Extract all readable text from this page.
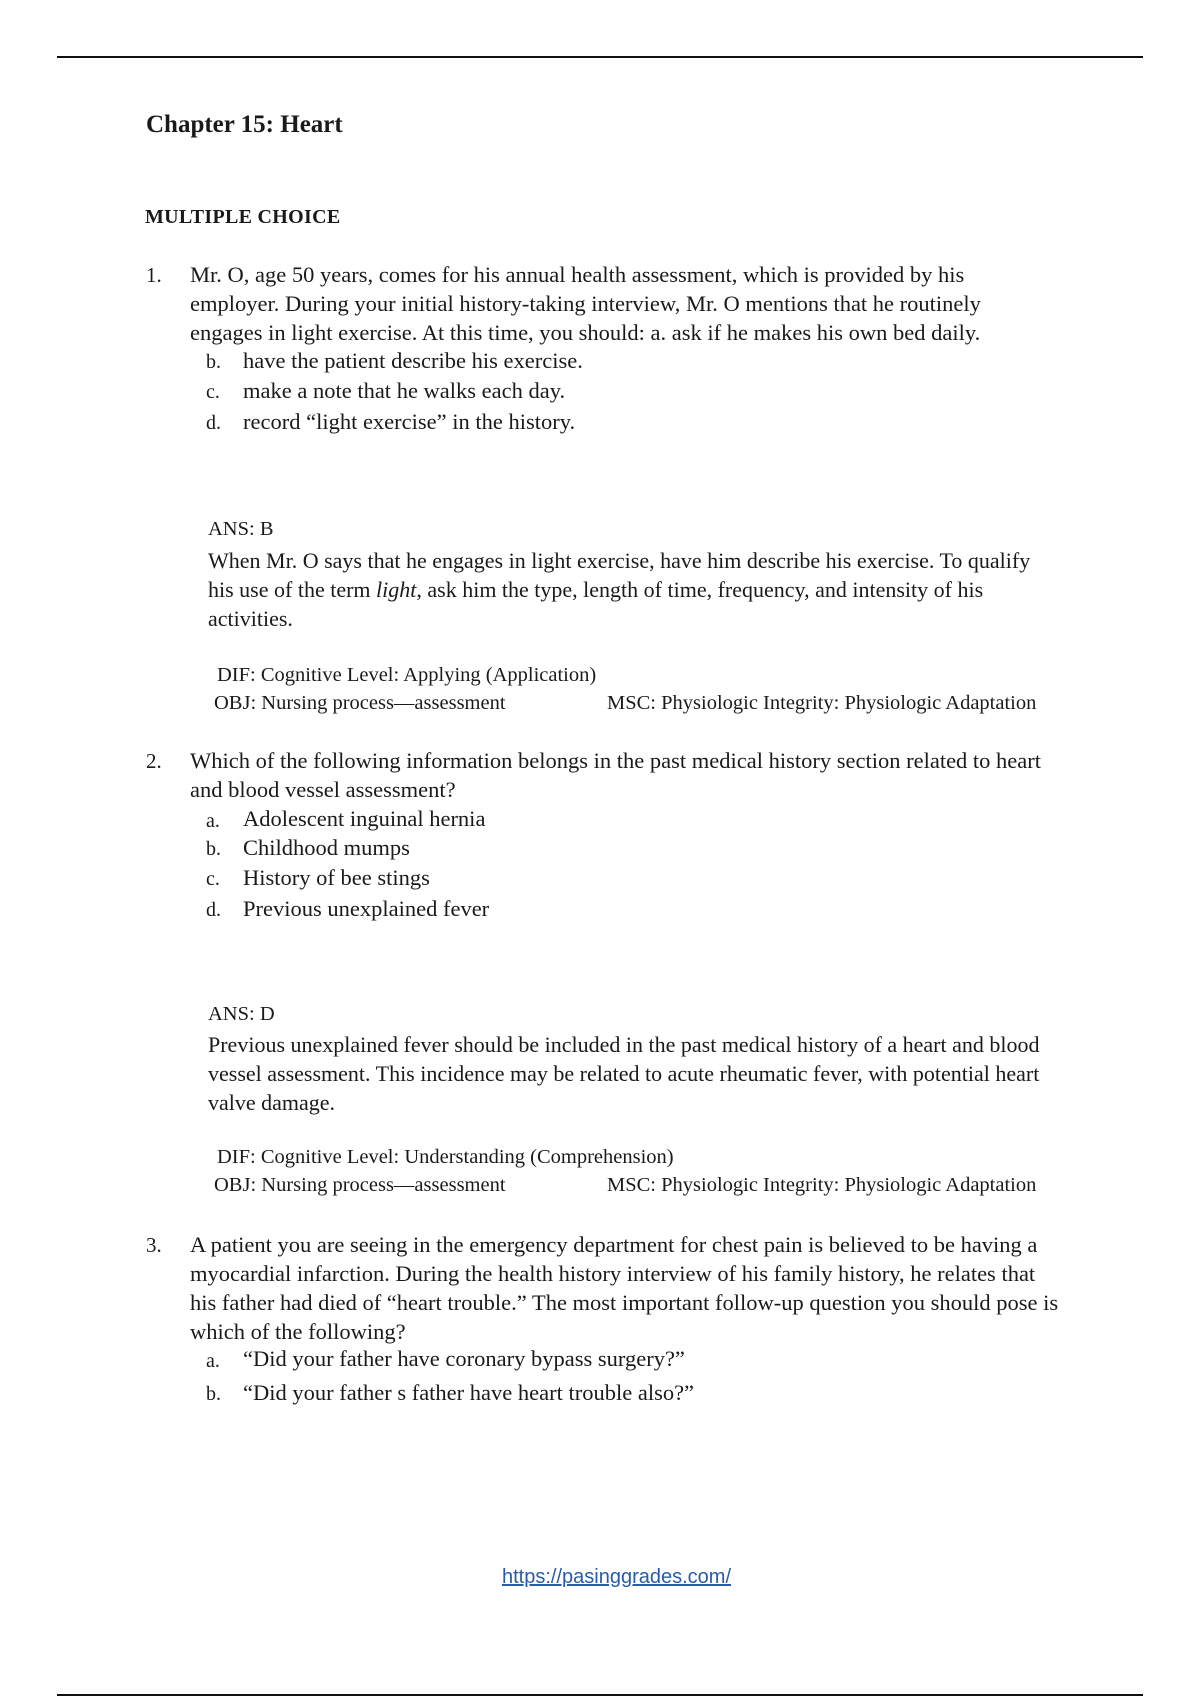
Chapter 15: Heart
MULTIPLE CHOICE
1. Mr. O, age 50 years, comes for his annual health assessment, which is provided by his
employer. During your initial history-taking interview, Mr. O mentions that he routinely
engages in light exercise. At this time, you should: a. ask if he makes his own bed daily.
b. have the patient describe his exercise.
c. make a note that he walks each day.
d. record “light exercise” in the history.
ANS: B
When Mr. O says that he engages in light exercise, have him describe his exercise. To qualify
his use of the term light, ask him the type, length of time, frequency, and intensity of his
activities.
DIF: Cognitive Level: Applying (Application)
OBJ: Nursing process—assessment	MSC: Physiologic Integrity: Physiologic Adaptation
2. Which of the following information belongs in the past medical history section related to heart
and blood vessel assessment?
a. Adolescent inguinal hernia
b. Childhood mumps
c. History of bee stings
d. Previous unexplained fever
ANS: D
Previous unexplained fever should be included in the past medical history of a heart and blood
vessel assessment. This incidence may be related to acute rheumatic fever, with potential heart
valve damage.
DIF: Cognitive Level: Understanding (Comprehension)
OBJ: Nursing process—assessment	MSC: Physiologic Integrity: Physiologic Adaptation
3. A patient you are seeing in the emergency department for chest pain is believed to be having a
myocardial infarction. During the health history interview of his family history, he relates that
his father had died of “heart trouble.” The most important follow-up question you should pose is
which of the following?
a. “Did your father have coronary bypass surgery?”
b. “Did your father s father have heart trouble also?”
https://pasinggrades.com/
